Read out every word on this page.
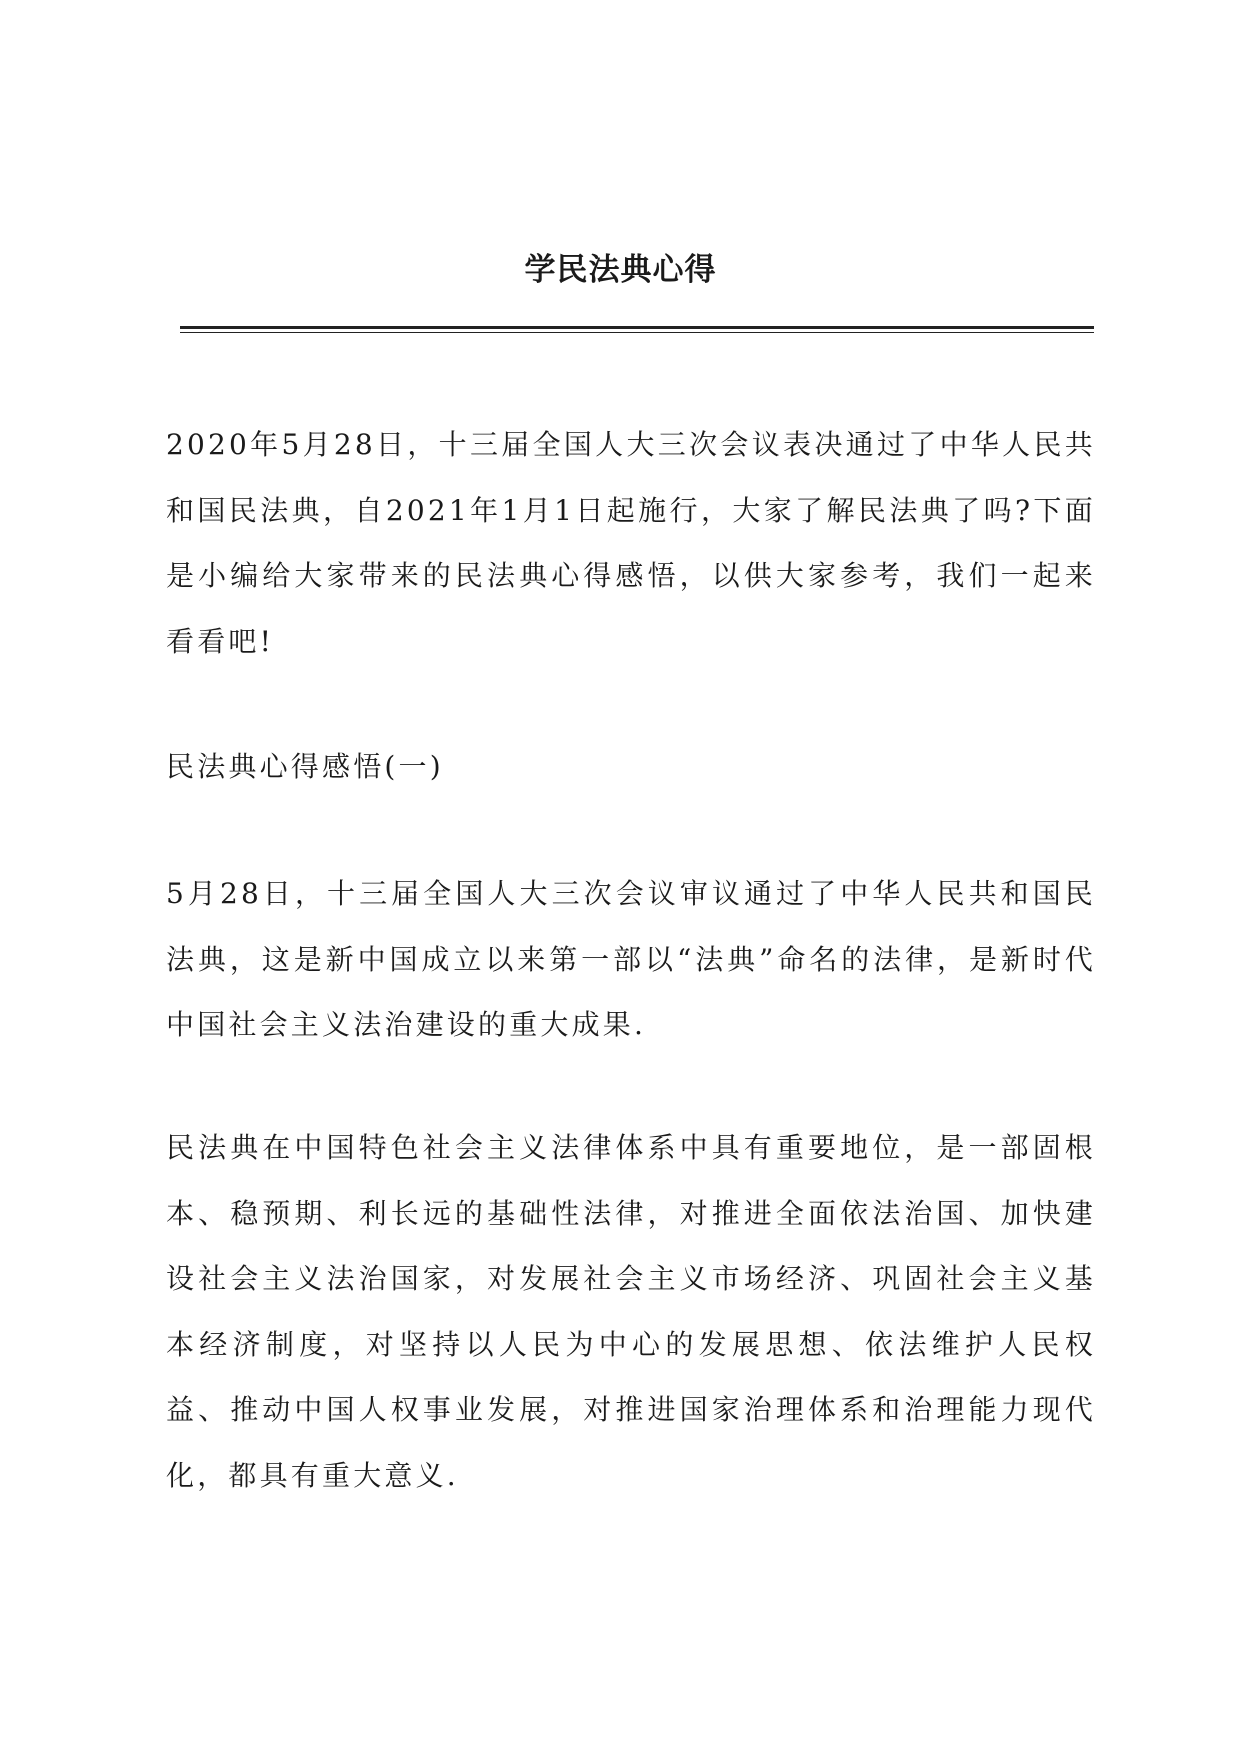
学民法典心得

2020年5月28日，十三届全国人大三次会议表决通过了中华人民共和国民法典，自2021年1月1日起施行，大家了解民法典了吗?下面是小编给大家带来的民法典心得感悟，以供大家参考，我们一起来看看吧!

民法典心得感悟(一)

5月28日，十三届全国人大三次会议审议通过了中华人民共和国民法典，这是新中国成立以来第一部以“法典”命名的法律，是新时代中国社会主义法治建设的重大成果.

民法典在中国特色社会主义法律体系中具有重要地位，是一部固根本、稳预期、利长远的基础性法律，对推进全面依法治国、加快建设社会主义法治国家，对发展社会主义市场经济、巩固社会主义基本经济制度，对坚持以人民为中心的发展思想、依法维护人民权益、推动中国人权事业发展，对推进国家治理体系和治理能力现代化，都具有重大意义.
